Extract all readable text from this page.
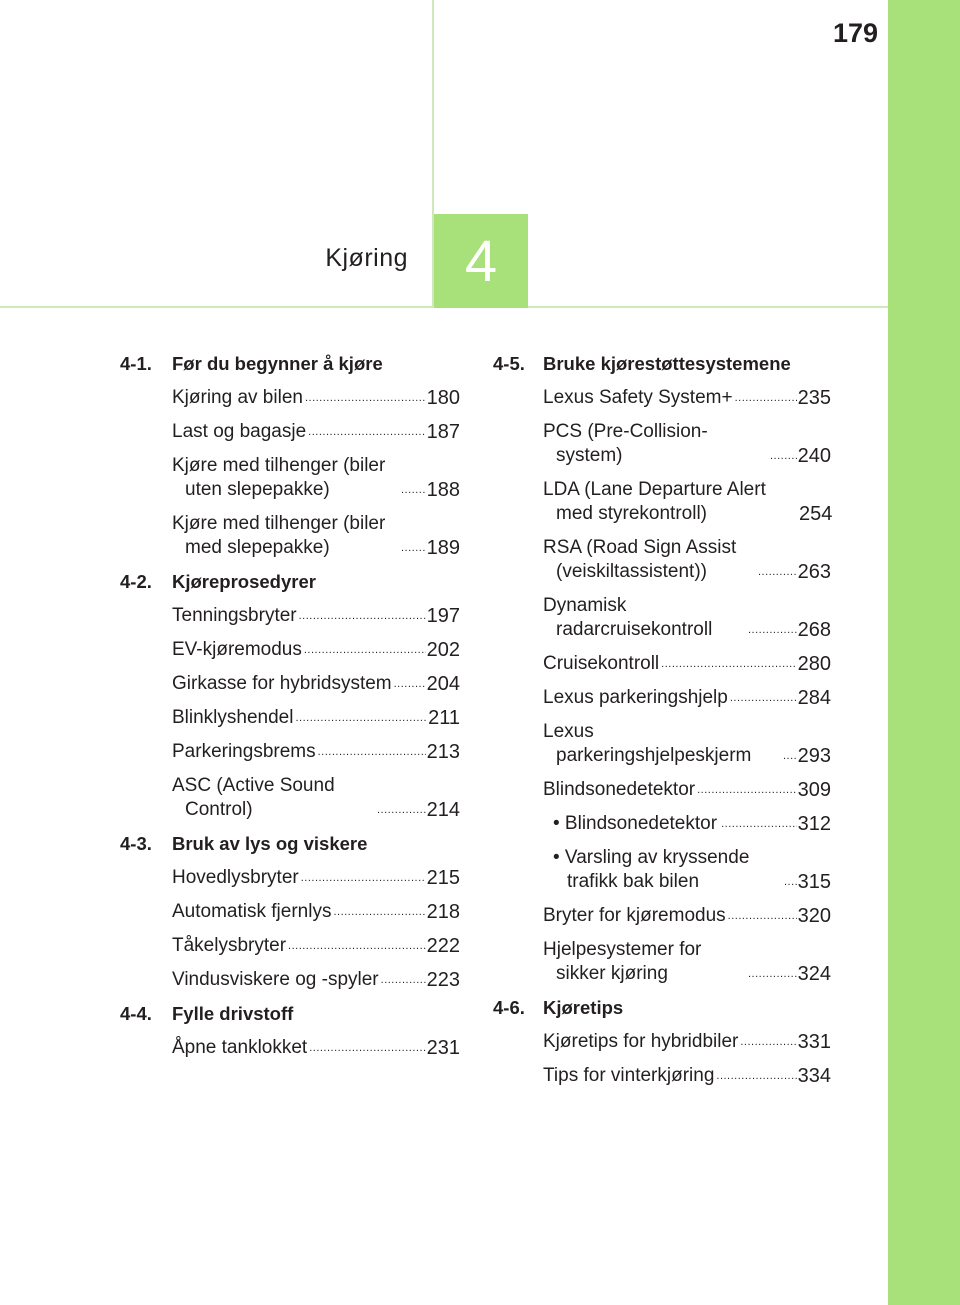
179
Kjøring 4
4-1.	Før du begynner å kjøre
Kjøring av bilen .....	180
Last og bagasje .....	187
Kjøre med tilhenger (biler uten slepepakke) .....	188
Kjøre med tilhenger (biler med slepepakke) .....	189
4-2.	Kjøreprosedyrer
Tenningsbryter .....	197
EV-kjøremodus .....	202
Girkasse for hybridsystem ..... 204
Blinklyshendel .....	211
Parkeringsbrems .....	213
ASC (Active Sound Control) .....	214
4-3.	Bruk av lys og viskere
Hovedlysbryter .....	215
Automatisk fjernlys .....	218
Tåkelysbryter .....	222
Vindusviskere og -spyler ..... 223
4-4.	Fylle drivstoff
Åpne tanklokket .....	231
4-5. Bruke kjørestøttesystemene
Lexus Safety System+ .....	235
PCS (Pre-Collision-system) .....	240
LDA (Lane Departure Alert med styrekontroll)	254
RSA (Road Sign Assist (veiskiltassistent)) .....	263
Dynamisk radarcruisekontroll .....	268
Cruisekontroll .....	280
Lexus parkeringshjelp .....	284
Lexus parkeringshjelpeskjerm .....	293
Blindsonedetektor .....	309
• Blindsonedetektor .....	312
• Varsling av kryssende trafikk bak bilen .....	315
Bryter for kjøremodus .....	320
Hjelpesystemer for sikker kjøring .....	324
4-6. Kjøretips
Kjøretips for hybridbiler .....	331
Tips for vinterkjøring .....	334
